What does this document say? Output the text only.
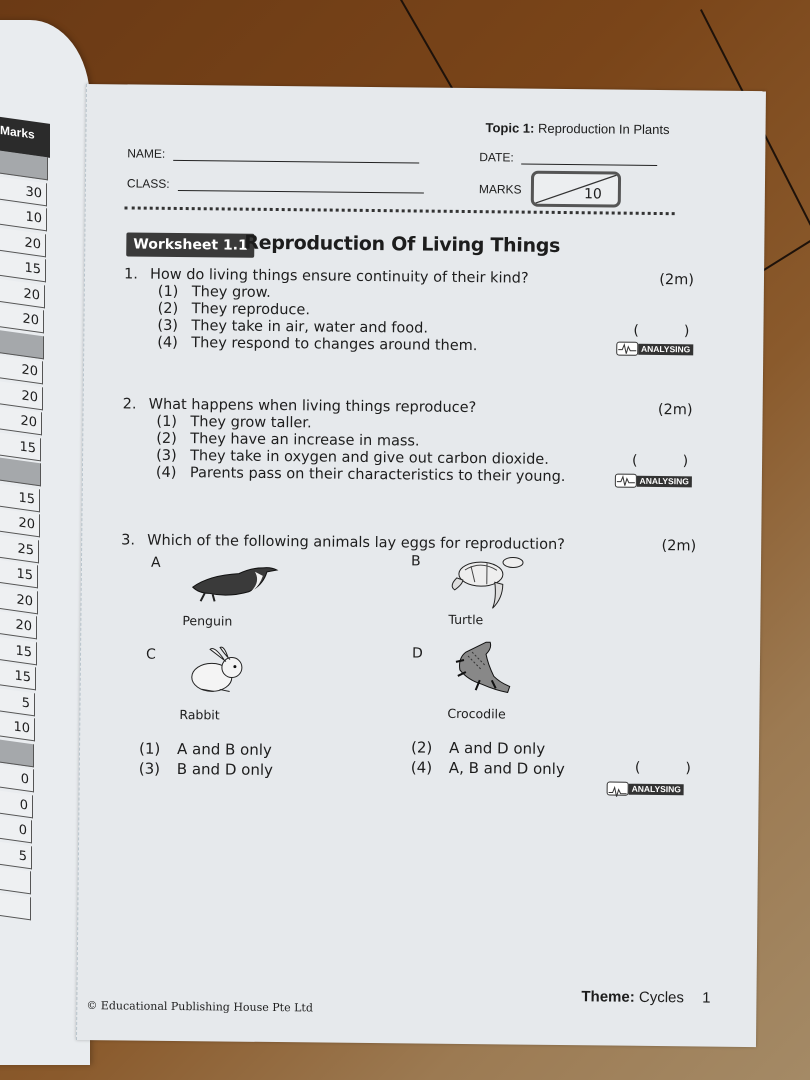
Marks
30
10
20
15
20
20
20
20
20
15
15
20
25
15
20
20
15
15
5
10
0
0
0
5
Topic 1: Reproduction In Plants
NAME:	DATE:
CLASS:	MARKS	10
Worksheet 1.1
Reproduction Of Living Things
1. How do living things ensure continuity of their kind?	(2m)
(1) They grow.
(2) They reproduce.
(3) They take in air, water and food.
(4) They respond to changes around them.
(	)
ANALYSING
2. What happens when living things reproduce?	(2m)
(1) They grow taller.
(2) They have an increase in mass.
(3) They take in oxygen and give out carbon dioxide.
(4) Parents pass on their characteristics to their young.
(	)
ANALYSING
3. Which of the following animals lay eggs for reproduction?	(2m)
A
Penguin
B
Turtle
C
Rabbit
D
Crocodile
(1) A and B only
(3) B and D only
(2) A and D only
(4) A, B and D only	(	)
ANALYSING
© Educational Publishing House Pte Ltd
Theme: Cycles 1
